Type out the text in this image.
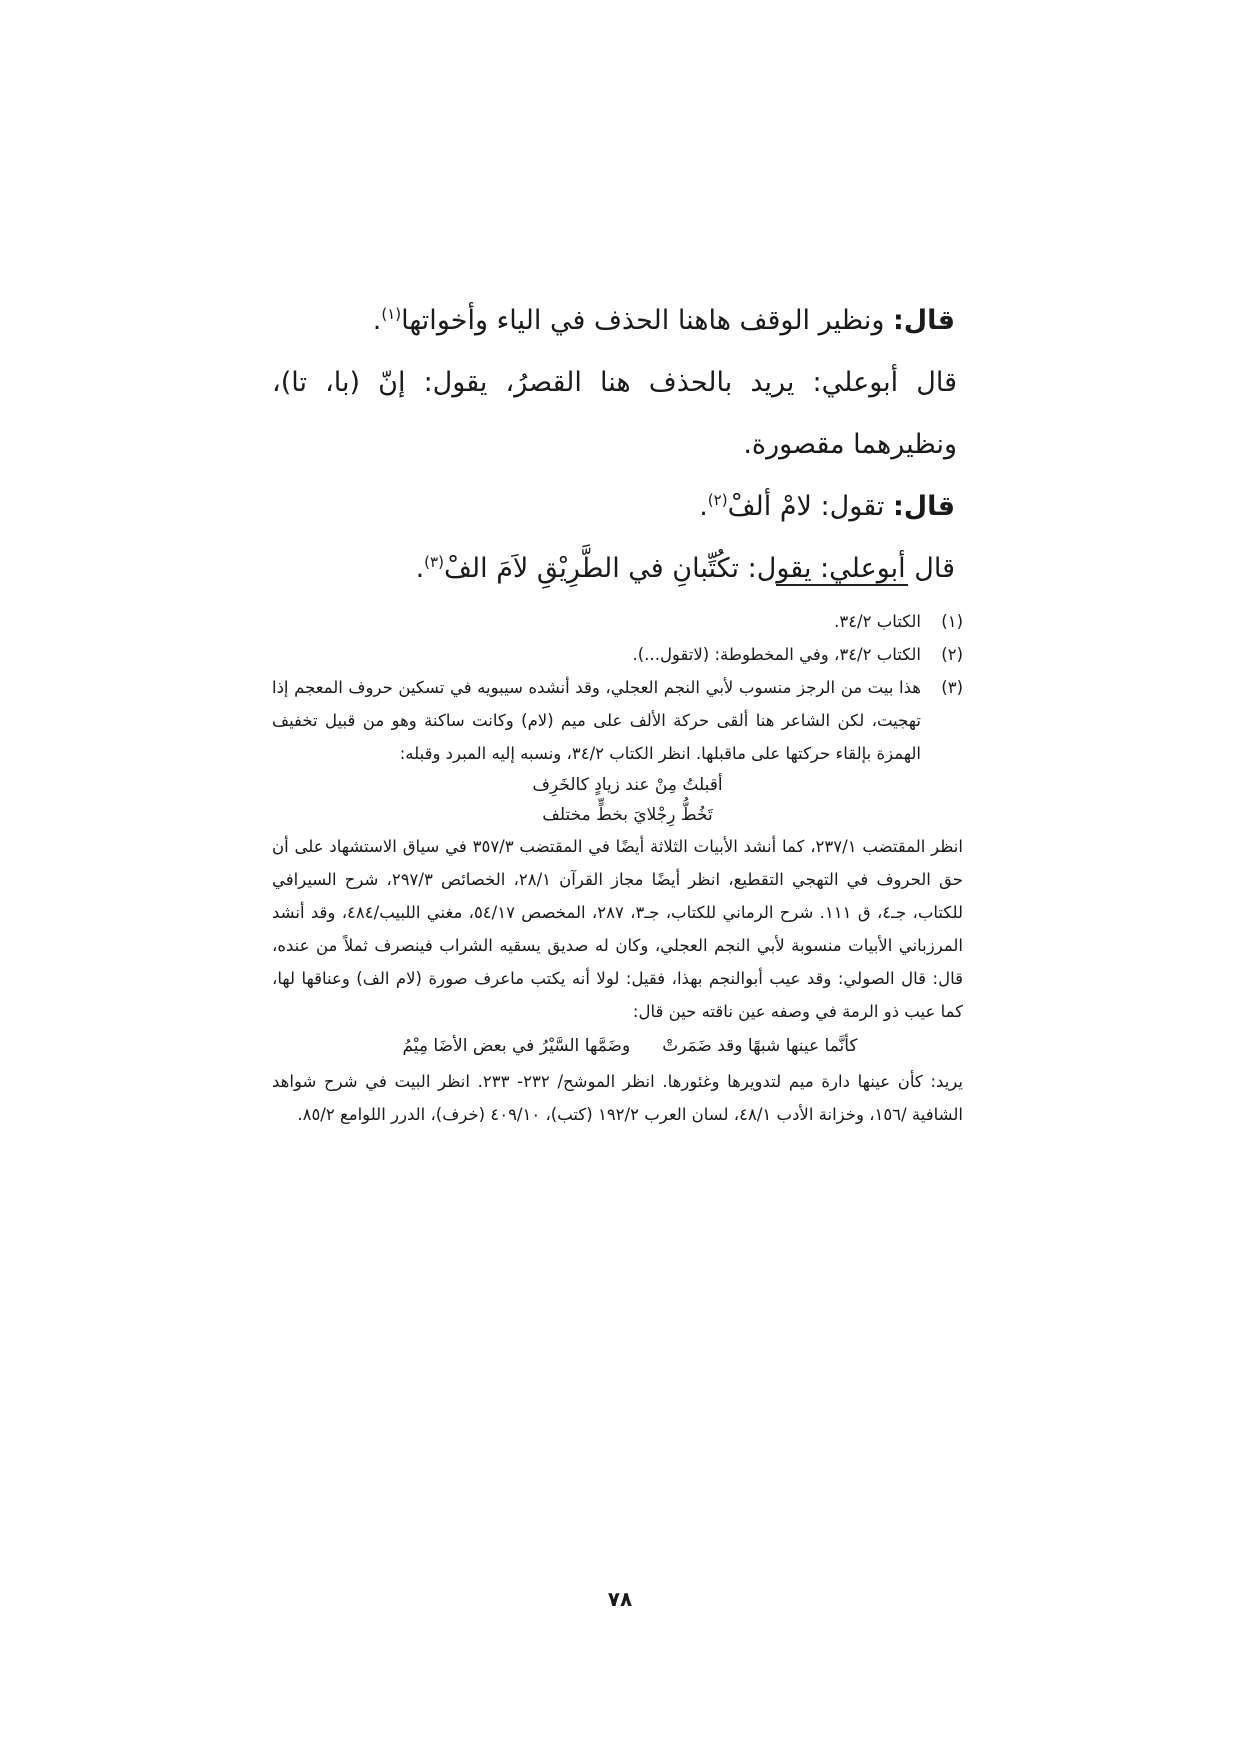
قال: ونظير الوقف هاهنا الحذف في الياء وأخواتها$^{(١)}$.

قال أبوعلي: يريد بالحذف هنا القصرُ، يقول: إنّ (با، تا)، ونظيرهما مقصورة.

قال: تقول: لامْ ألفْ$^{(٢)}$.

قال أبوعلي: يقول: تكُتِّبانِ في الطَّرِيْقِ لاَمَ الفْ$^{(٣)}$.

(١)
الكتاب ٣٤/٢.

(٢)
الكتاب ٣٤/٢، وفي المخطوطة: (لاتقول...).

(٣)
هذا بيت من الرجز منسوب لأبي النجم العجلي، وقد أنشده سيبويه في تسكين حروف المعجم إذا تهجيت، لكن الشاعر هنا ألقى حركة الألف على ميم (لام) وكانت ساكنة وهو من قبيل تخفيف الهمزة بإلقاء حركتها على ماقبلها. انظر الكتاب ٣٤/٢، ونسبه إليه المبرد وقبله:

أقبلتُ مِنْ عند زيادٍ كالخَرِف

تَخُطُّ رِجْلايَ بخطٍّ مختلف

انظر المقتضب ٢٣٧/١، كما أنشد الأبيات الثلاثة أيضًا في المقتضب ٣٥٧/٣ في سياق الاستشهاد على أن حق الحروف في التهجي التقطيع، انظر أيضًا مجاز القرآن ٢٨/١، الخصائص ٢٩٧/٣، شرح السيرافي للكتاب، جـ٤، ق ١١١. شرح الرماني للكتاب، جـ٣، ٢٨٧، المخصص ٥٤/١٧، مغني اللبيب/٤٨٤، وقد أنشد المرزباني الأبيات منسوبة لأبي النجم العجلي، وكان له صديق يسقيه الشراب فينصرف ثملاً من عنده، قال: قال الصولي: وقد عيب أبوالنجم بهذا، فقيل: لولا أنه يكتب ماعرف صورة (لام الف) وعناقها لها، كما عيب ذو الرمة في وصفه عين ناقته حين قال:

كأنَّما عينها شبهًا وقد ضَمَرتْوضَمَّها السَّيْرُ في بعض الأضَا مِيْمُ

يريد: كأن عينها دارة ميم لتدويرها وغئورها. انظر الموشح/ ٢٣٢- ٢٣٣. انظر البيت في شرح شواهد الشافية /١٥٦، وخزانة الأدب ٤٨/١، لسان العرب ١٩٢/٢ (كتب)، ٤٠٩/١٠ (خرف)، الدرر اللوامع ٨٥/٢.

٧٨
